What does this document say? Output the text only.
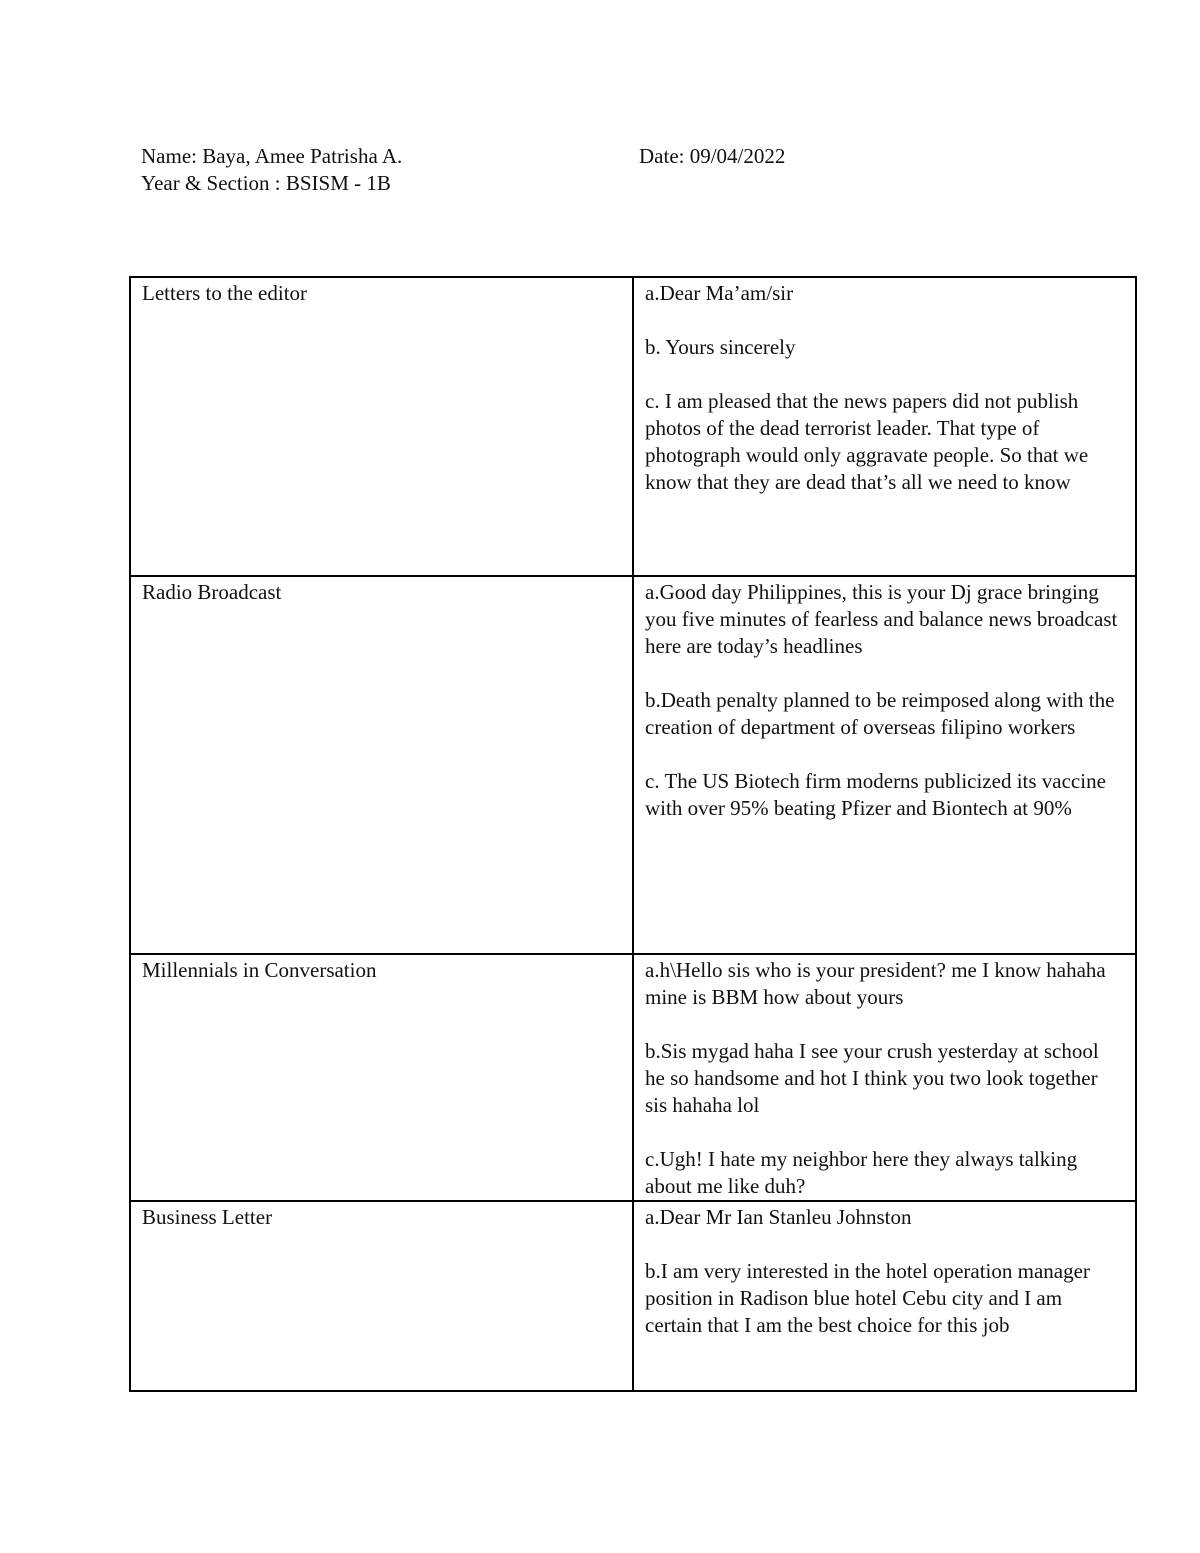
Name: Baya, Amee Patrisha A.	Date: 09/04/2022
Year & Section : BSISM - 1B
Letters to the editor	a.Dear Ma’am/sir

b. Yours sincerely

c. I am pleased that the news papers did not publish photos of the dead terrorist leader. That type of photograph would only aggravate people. So that we know that they are dead that’s all we need to know

Radio Broadcast	a.Good day Philippines, this is your Dj grace bringing you five minutes of fearless and balance news broadcast here are today’s headlines

b.Death penalty planned to be reimposed along with the creation of department of overseas filipino workers

c. The US Biotech firm moderns publicized its vaccine with over 95% beating Pfizer and Biontech at 90%

Millennials in Conversation	a.h\Hello sis who is your president? me I know hahaha mine is BBM how about yours

b.Sis mygad haha I see your crush yesterday at school he so handsome and hot I think you two look together sis hahaha lol

c.Ugh! I hate my neighbor here they always talking about me like duh?

Business Letter	a.Dear Mr Ian Stanleu Johnston

b.I am very interested in the hotel operation manager position in Radison blue hotel Cebu city and I am certain that I am the best choice for this job
